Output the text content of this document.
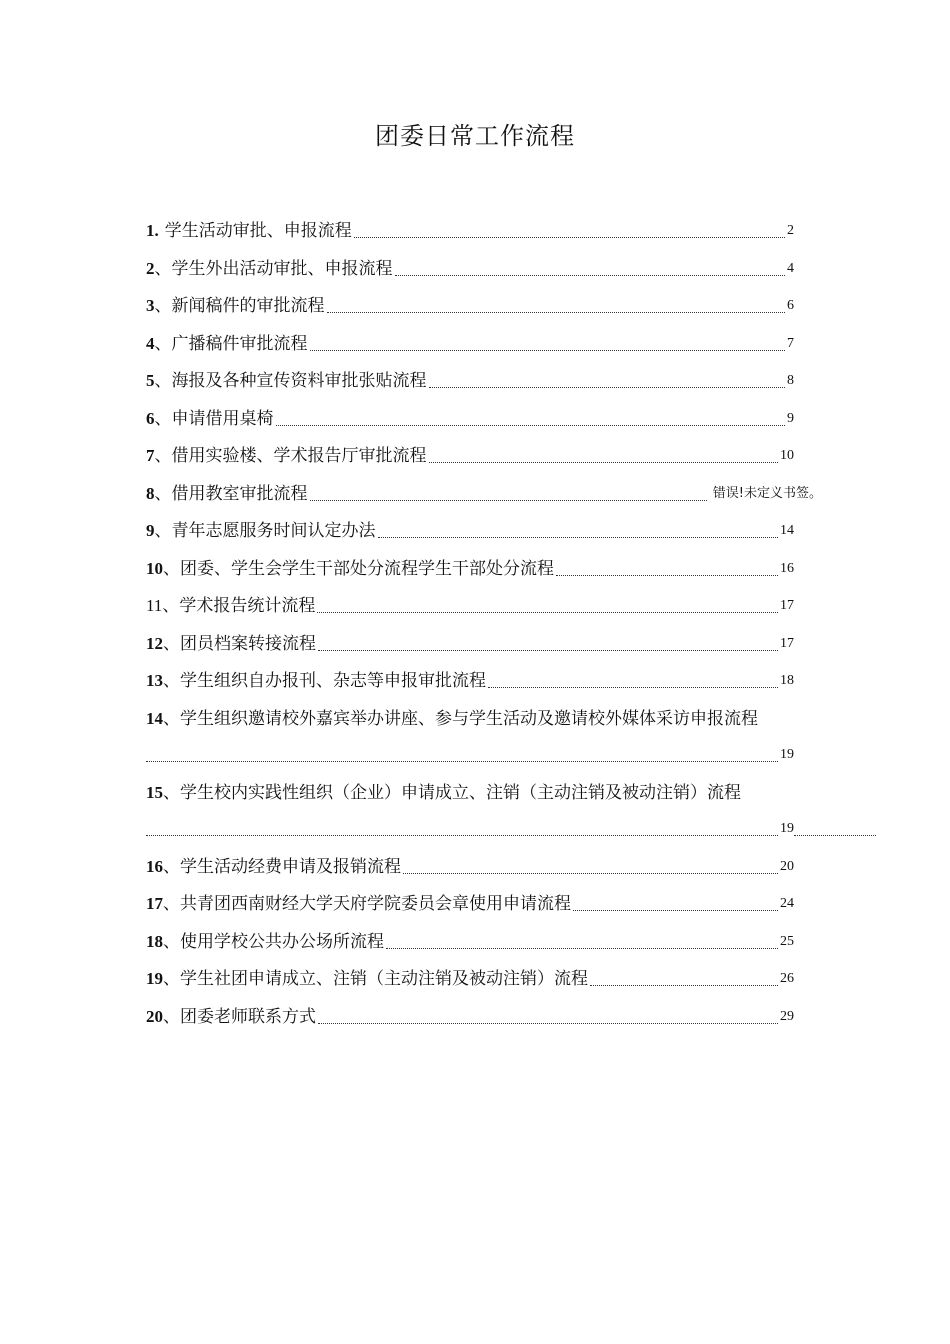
团委日常工作流程
1. 学生活动审批、申报流程	2
2 、学生外出活动审批、申报流程	4
3 、新闻稿件的审批流程	6
4 、广播稿件审批流程	7
5 、海报及各种宣传资料审批张贴流程	8
6 、申请借用桌椅	9
7 、借用实验楼、学术报告厅审批流程	10
8 、借用教室审批流程	错误!未定义书签。
9 、青年志愿服务时间认定办法	14
10 、团委、学生会学生干部处分流程学生干部处分流程	16
11 、学术报告统计流程	17
12 、团员档案转接流程	17
13 、学生组织自办报刊、杂志等申报审批流程	18
14、学生组织邀请校外嘉宾举办讲座、参与学生活动及邀请校外媒体采访申报流程
19
15、学生校内实践性组织（企业）申请成立、注销（主动注销及被动注销）流程
19
16 、学生活动经费申请及报销流程	20
17 、共青团西南财经大学天府学院委员会章使用申请流程	24
18 、使用学校公共办公场所流程	25
19 、学生社团申请成立、注销（主动注销及被动注销）流程	26
20 、团委老师联系方式	29
